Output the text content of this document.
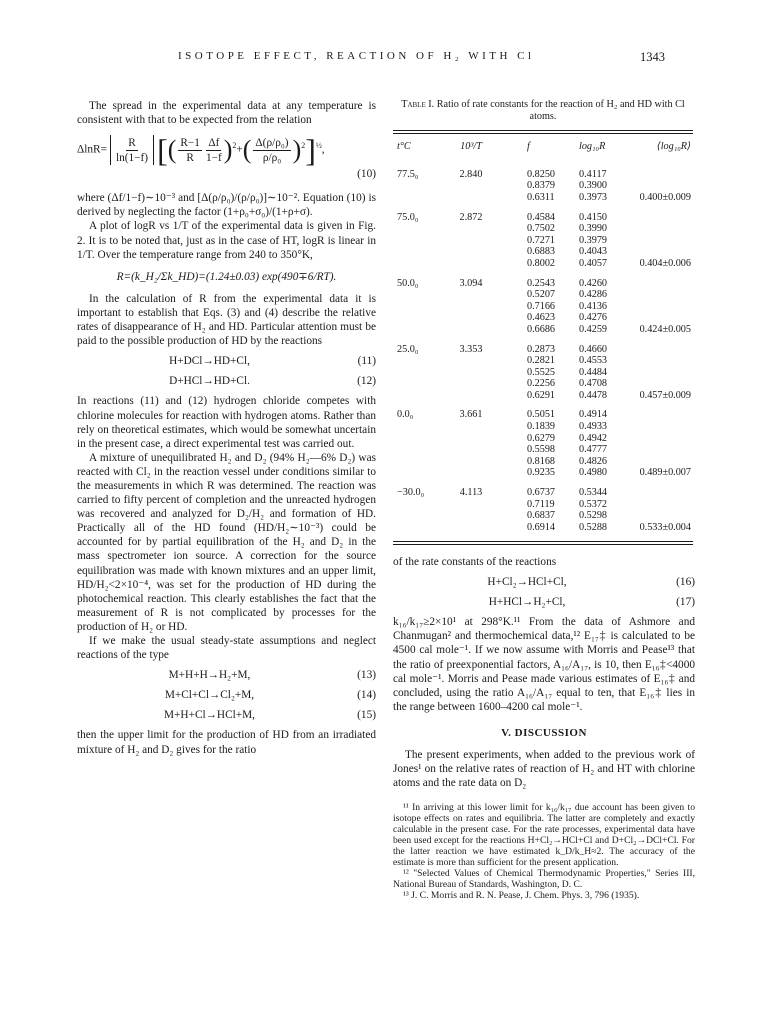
ISOTOPE EFFECT, REACTION OF H₂ WITH Cl	1343

The spread in the experimental data at any temperature is consistent with that to be expected from the relation

$\Delta\ln R= \frac{R}{\ln(1-f)}$ [( $\frac{R-1}{R} \frac{\Delta f}{1-f} )^2+( \frac{\text{Δ(ρ/ρ₀)}}{\text{ρ/ρ₀}} )^2]^{\frac{1}{2}}$,
(10)

where (Δf/1−f)∼10⁻³ and [Δ(ρ/ρ₀)/(ρ/ρ₀)]∼10⁻². Equation (10) is derived by neglecting the factor (1+ρ₀+σ₀)/(1+ρ+σ).

A plot of logR vs 1/T of the experimental data is given in Fig. 2. It is to be noted that, just as in the case of HT, logR is linear in 1/T. Over the temperature range from 240 to 350°K,

R=(k_H₂/Σk_HD)=(1.24±0.03) exp(490∓6/RT).

In the calculation of R from the experimental data it is important to establish that Eqs. (3) and (4) describe the relative rates of disappearance of H₂ and HD. Particular attention must be paid to the possible production of HD by the reactions

H+DCl→HD+Cl,	(11)
D+HCl→HD+Cl.	(12)

In reactions (11) and (12) hydrogen chloride competes with chlorine molecules for reaction with hydrogen atoms. Rather than rely on theoretical estimates, which would be somewhat uncertain in the present case, a direct experimental test was carried out.

A mixture of unequilibrated H₂ and D₂ (94% H₂—6% D₂) was reacted with Cl₂ in the reaction vessel under conditions similar to the measurements in which R was determined. The reaction was carried to fifty percent of completion and the unreacted hydrogen was recovered and analyzed for D₂/H₂ and formation of HD. Practically all of the HD found (HD/H₂∼10⁻³) could be accounted for by partial equilibration of the H₂ and D₂ in the mass spectrometer ion source. A correction for the source equilibration was made with known mixtures and an upper limit, HD/H₂<2×10⁻⁴, was set for the production of HD during the photochemical reaction. This clearly establishes the fact that the measurement of R is not complicated by processes for the production of H₂ or HD.

If we make the usual steady-state assumptions and neglect reactions of the type

M+H+H→H₂+M,	(13)
M+Cl+Cl→Cl₂+M,	(14)
M+H+Cl→HCl+M,	(15)

then the upper limit for the production of HD from an irradiated mixture of H₂ and D₂ gives for the ratio

Table I. Ratio of rate constants for the reaction of H₂ and HD with Cl atoms.
t°C	10³/T	f	log₁₀R	⟨log₁₀R⟩
77.5₀	2.840	0.8250	0.4117	
		0.8379	0.3900	
		0.6311	0.3973	0.400±0.009
75.0₀	2.872	0.4584	0.4150	
		0.7502	0.3990	
		0.7271	0.3979	
		0.6883	0.4043	
		0.8002	0.4057	0.404±0.006
50.0₀	3.094	0.2543	0.4260	
		0.5207	0.4286	
		0.7166	0.4136	
		0.4623	0.4276	
		0.6686	0.4259	0.424±0.005
25.0₀	3.353	0.2873	0.4660	
		0.2821	0.4553	
		0.5525	0.4484	
		0.2256	0.4708	
		0.6291	0.4478	0.457±0.009
0.0₀	3.661	0.5051	0.4914	
		0.1839	0.4933	
		0.6279	0.4942	
		0.5598	0.4777	
		0.8168	0.4826	
		0.9235	0.4980	0.489±0.007
−30.0₀	4.113	0.6737	0.5344	
		0.7119	0.5372	
		0.6837	0.5298	
		0.6914	0.5288	0.533±0.004

of the rate constants of the reactions

H+Cl₂→HCl+Cl,	(16)
H+HCl→H₂+Cl,	(17)

k₁₆/k₁₇≥2×10¹ at 298°K.¹¹ From the data of Ashmore and Chanmugan² and thermochemical data,¹² E₁₇‡ is calculated to be 4500 cal mole⁻¹. If we now assume with Morris and Pease¹³ that the ratio of preexponential factors, A₁₆/A₁₇, is 10, then E₁₆‡<4000 cal mole⁻¹. Morris and Pease made various estimates of E₁₆‡ and concluded, using the ratio A₁₆/A₁₇ equal to ten, that E₁₆‡ lies in the range between 1600–4200 cal mole⁻¹.

V. DISCUSSION

The present experiments, when added to the previous work of Jones¹ on the relative rates of reaction of H₂ and HT with chlorine atoms and the rate data on D₂

¹¹ In arriving at this lower limit for k₁₆/k₁₇ due account has been given to isotope effects on rates and equilibria. The latter are completely and exactly calculable in the present case. For the rate processes, experimental data have been used except for the reactions H+Cl₂→HCl+Cl and D+Cl₂→DCl+Cl. For the latter reaction we have estimated k_D/k_H≈2. The accuracy of the estimate is more than sufficient for the present application.

¹² "Selected Values of Chemical Thermodynamic Properties," Series III, National Bureau of Standards, Washington, D. C.

¹³ J. C. Morris and R. N. Pease, J. Chem. Phys. 3, 796 (1935).
